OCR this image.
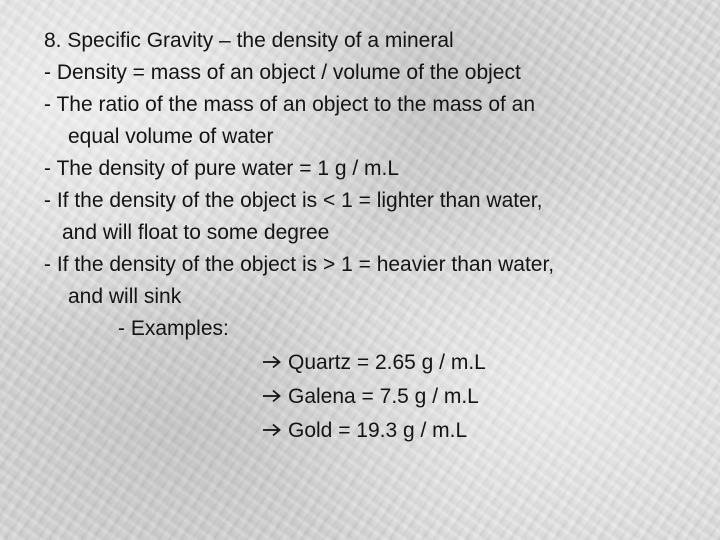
8. Specific Gravity – the density of a mineral
- Density = mass of an object / volume of the object
- The ratio of the mass of an object to the mass of an
equal volume of water
- The density of pure water = 1 g / m.L
- If the density of the object is < 1 = lighter than water,
and will float to some degree
- If the density of the object is > 1 = heavier than water,
and will sink
- Examples:
Quartz = 2.65 g / m.L
Galena = 7.5 g / m.L
Gold = 19.3 g / m.L
